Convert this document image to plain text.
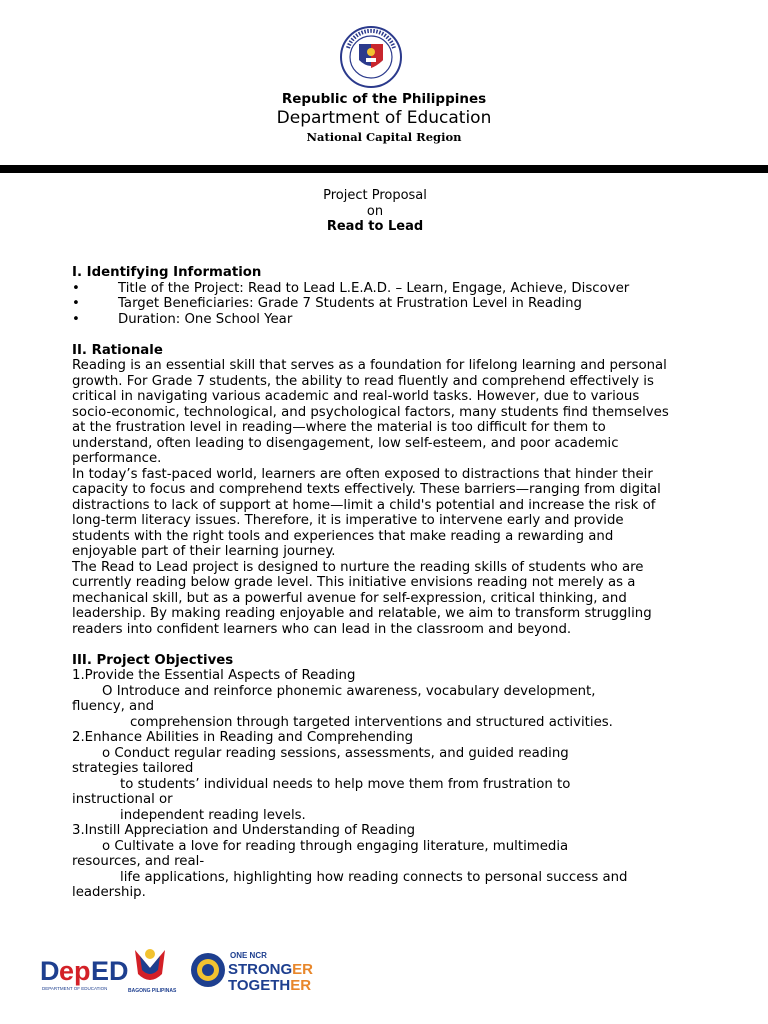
Republic of the Philippines
Department of Education
National Capital Region
Project Proposal
on
Read to Lead

I. Identifying Information

•	Title of the Project: Read to Lead L.E.A.D. – Learn, Engage, Achieve, Discover
•	Target Beneficiaries: Grade 7 Students at Frustration Level in Reading
•	Duration: One School Year

II. Rationale

Reading is an essential skill that serves as a foundation for lifelong learning and personal growth. For Grade 7 students, the ability to read fluently and comprehend effectively is critical in navigating various academic and real-world tasks. However, due to various socio-economic, technological, and psychological factors, many students find themselves at the frustration level in reading—where the material is too difficult for them to understand, often leading to disengagement, low self-esteem, and poor academic performance.

In today’s fast-paced world, learners are often exposed to distractions that hinder their capacity to focus and comprehend texts effectively. These barriers—ranging from digital distractions to lack of support at home—limit a child's potential and increase the risk of long-term literacy issues. Therefore, it is imperative to intervene early and provide students with the right tools and experiences that make reading a rewarding and enjoyable part of their learning journey.

The Read to Lead project is designed to nurture the reading skills of students who are currently reading below grade level. This initiative envisions reading not merely as a mechanical skill, but as a powerful avenue for self-expression, critical thinking, and leadership. By making reading enjoyable and relatable, we aim to transform struggling readers into confident learners who can lead in the classroom and beyond.

III. Project Objectives

1.Provide the Essential Aspects of Reading

O Introduce and reinforce phonemic awareness, vocabulary development,

fluency, and

comprehension through targeted interventions and structured activities.

2.Enhance Abilities in Reading and Comprehending

o Conduct regular reading sessions, assessments, and guided reading

strategies tailored

to students’ individual needs to help move them from frustration to

instructional or

independent reading levels.

3.Instill Appreciation and Understanding of Reading

o Cultivate a love for reading through engaging literature, multimedia

resources, and real-

life applications, highlighting how reading connects to personal success and

leadership.

D ep ED
DEPARTMENT OF EDUCATION	BAGONG PILIPINAS
ONE NCR
STRONGER
TOGETHER
